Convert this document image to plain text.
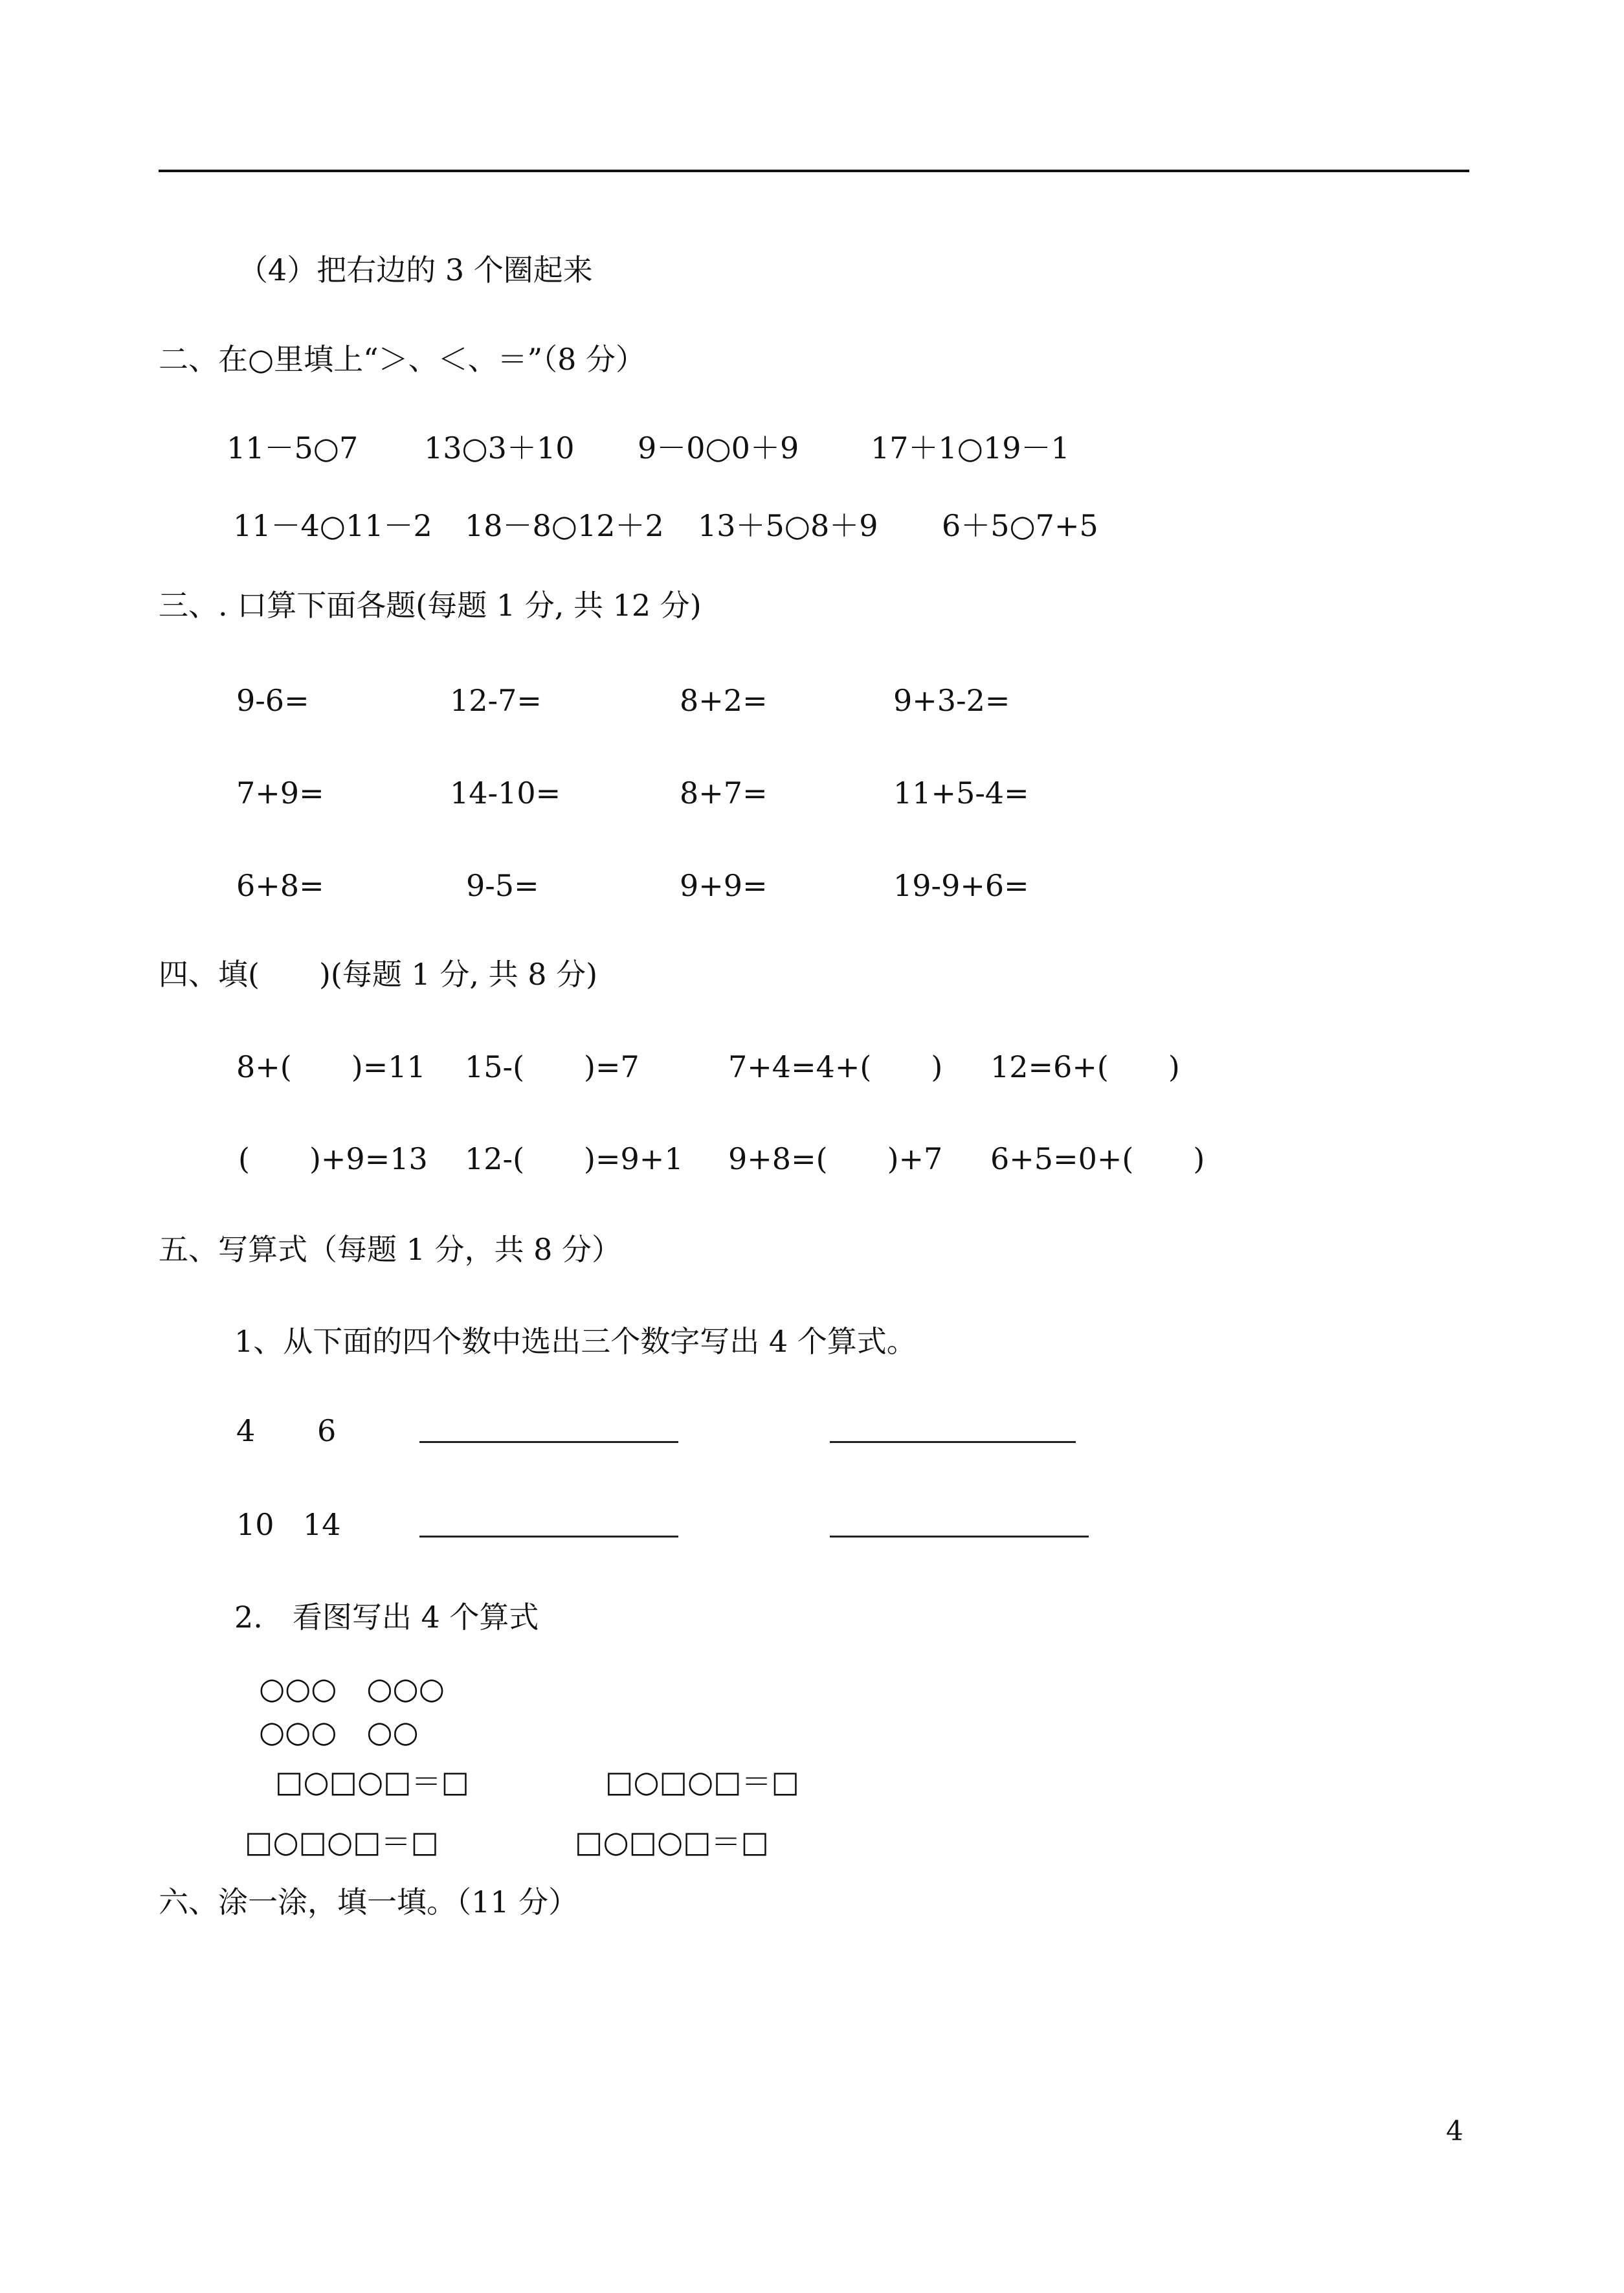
（4）把右边的 3 个圈起来
二、在○里填上“＞、＜、＝”（8 分）
11－5○7 13○3＋10 9－0○0＋9 17＋1○19－1
11－4○11－2 18－8○12＋2 13＋5○8＋9 6＋5○7+5
三、. 口算下面各题(每题 1 分, 共 12 分)
9-6=	12-7=	8+2=	9+3-2=
7+9=	14-10=	8+7=	11+5-4=
6+8=	9-5=	9+9=	19-9+6=
四、填(　　)(每题 1 分, 共 8 分)
8+(　　)=11 15-(　　)=7	7+4=4+(　　) 12=6+(　　)
(　　)+9=13 12-(　　)=9+1 9+8=(　　)+7 6+5=0+(　　)
五、写算式（每题 1 分，共 8 分）
1、从下面的四个数中选出三个数字写出 4 个算式。
4 6
10 14
2.　看图写出 4 个算式
○○○　○○○
○○○　○○
□○□○□＝□	□○□○□＝□
□○□○□＝□	□○□○□＝□
六、涂一涂，填一填。（11 分）
4
